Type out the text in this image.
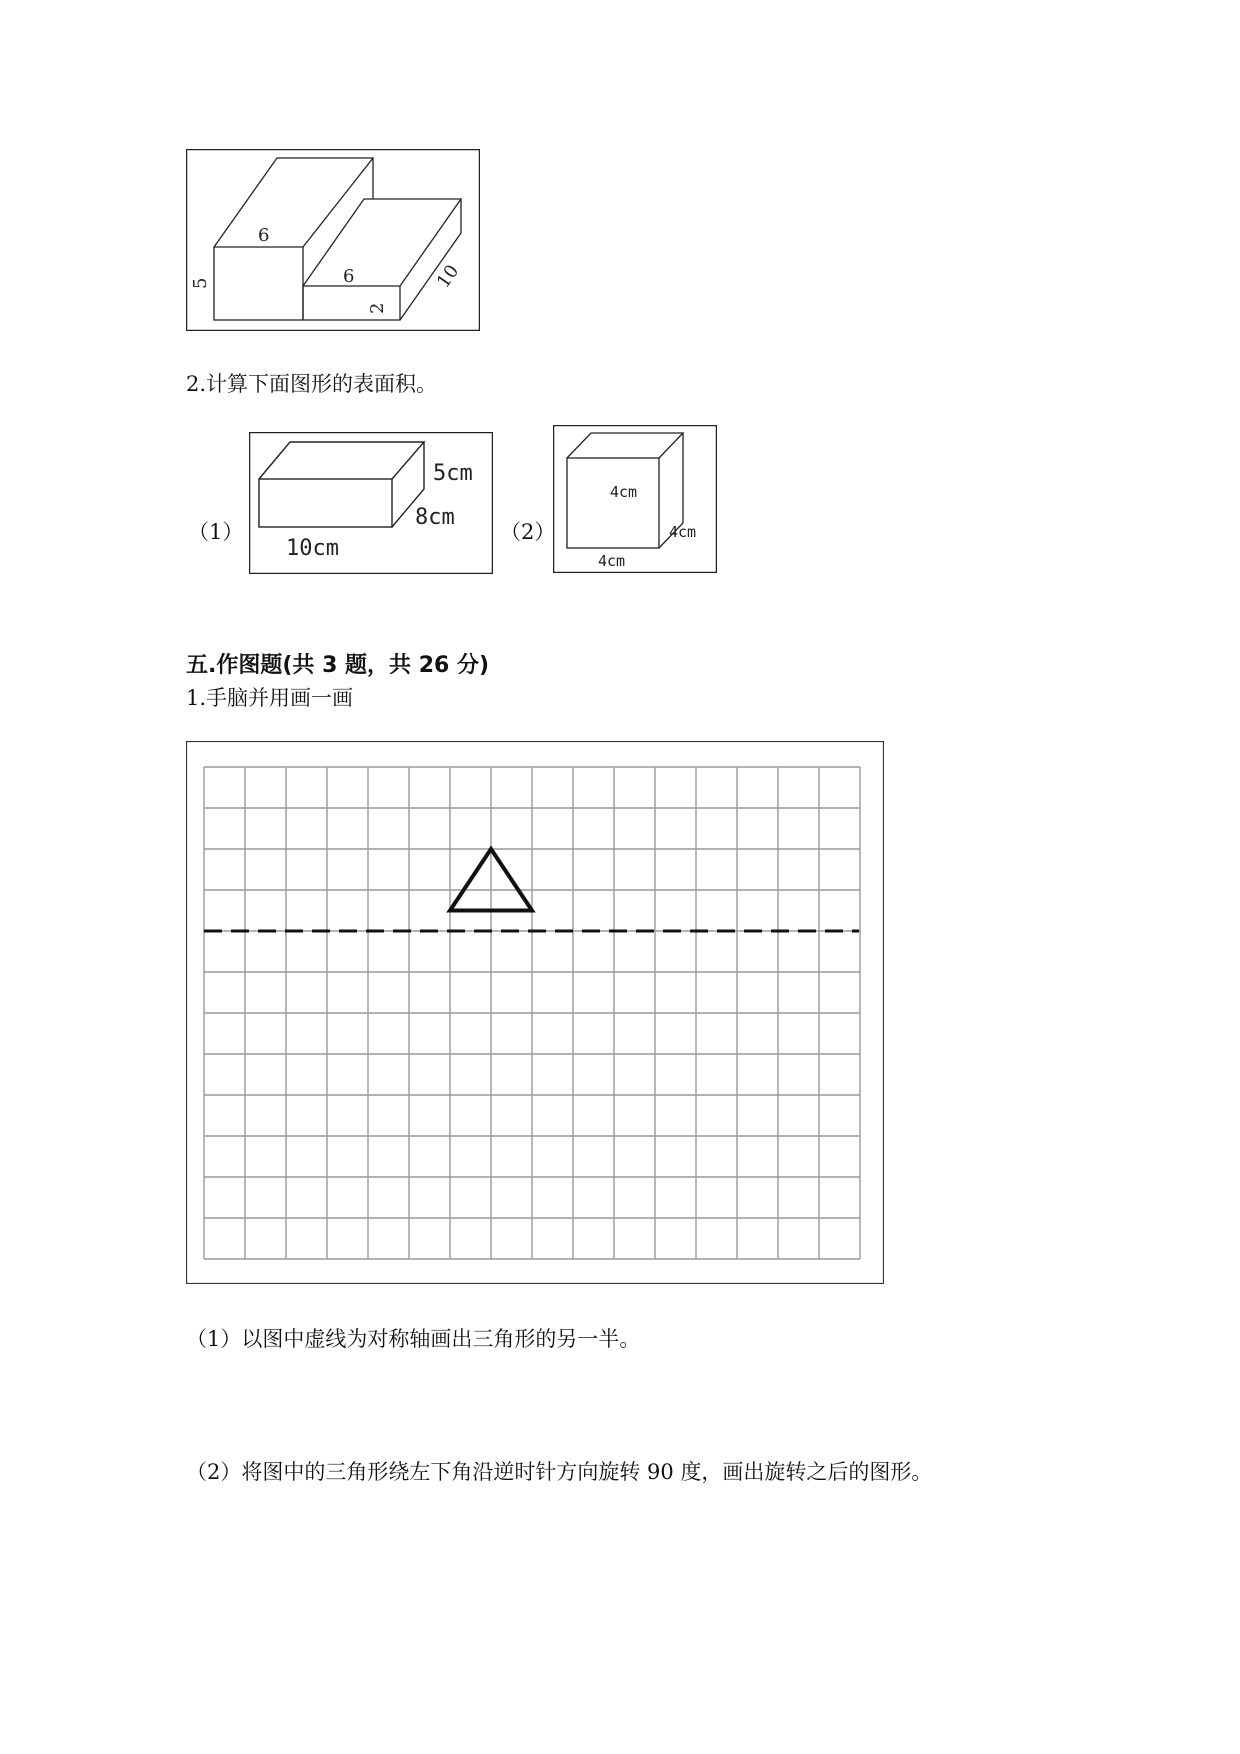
6
5	6
2
10
2.计算下面图形的表面积。
（1）
5cm
8cm
10cm
（2）
4cm
4cm
4cm
五.作图题(共 3 题，共 26 分)
1.手脑并用画一画
（1）以图中虚线为对称轴画出三角形的另一半。
（2）将图中的三角形绕左下角沿逆时针方向旋转 90 度，画出旋转之后的图形。
